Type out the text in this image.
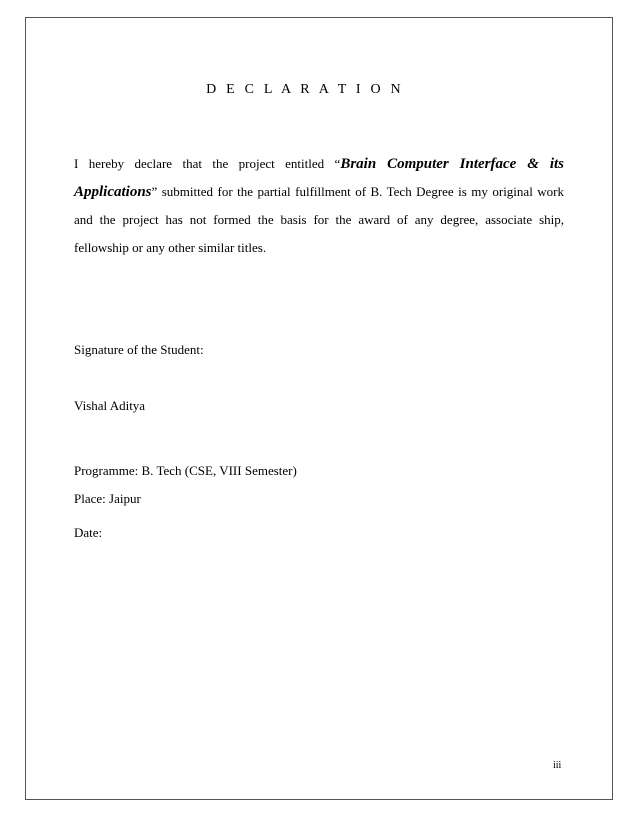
D E C L A R A T I O N
I hereby declare that the project entitled “Brain Computer Interface & its Applications” submitted for the partial fulfillment of B. Tech Degree is my original work and the project has not formed the basis for the award of any degree, associate ship, fellowship or any other similar titles.
Signature of the Student:
Vishal Aditya
Programme: B. Tech (CSE, VIII Semester)
Place: Jaipur
Date:
iii
